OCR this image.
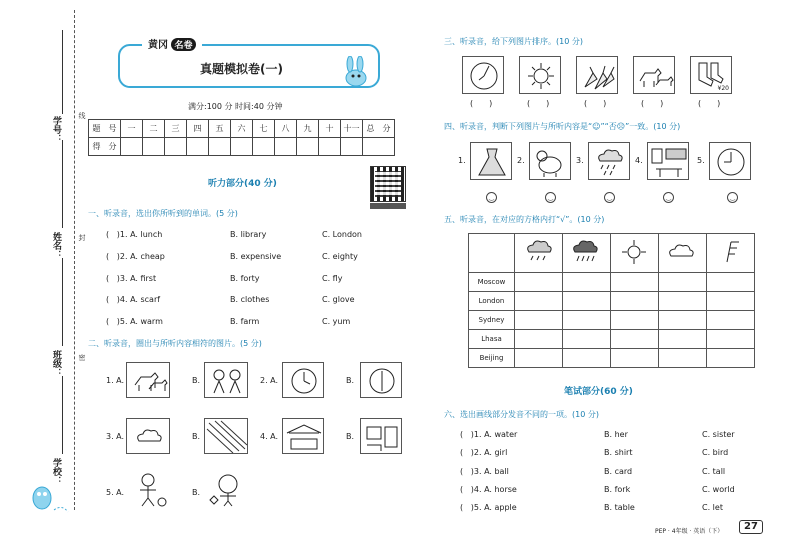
学号：
线
姓名： 封
班级： 密
学校：
黄冈 名卷
真题模拟卷(一)
满分:100 分 时间:40 分钟
题　号	一	二	三	四	五	六	七	八	九	十	十一	总　分
得　分												
听力部分(40 分)
一、听录音，选出你所听到的单词。(5 分)
( )1. A. lunch	B. library	C. London
( )2. A. cheap	B. expensive	C. eighty
( )3. A. first	B. forty	C. fly
( )4. A. scarf	B. clothes	C. glove
( )5. A. warm	B. farm	C. yum
二、听录音，圈出与所听内容相符的图片。(5 分)
1. A.	B.	2. A.	B.
3. A.	B.	4. A.	B.
5. A.	B.
三、听录音，给下列图片排序。(10 分)
¥20
(　　)	(　　)	(　　)	(　　)	(　　)
四、听录音，判断下列图片与所听内容是“☺”“否☹”一致。(10 分)
1.	2.	3.	4.	5.
‿	‿	‿	‿	‿
五、听录音，在对应的方格内打“√”。(10 分)

Moscow					
London					
Sydney					
Lhasa					
Beijing					
笔试部分(60 分)
六、选出画线部分发音不同的一项。(10 分)
( )1. A. water	B. her	C. sister
( )2. A. girl	B. shirt	C. bird
( )3. A. ball	B. card	C. tall
( )4. A. horse	B. fork	C. world
( )5. A. apple	B. table	C. let
PEP · 4年级 · 英语（下）	27
